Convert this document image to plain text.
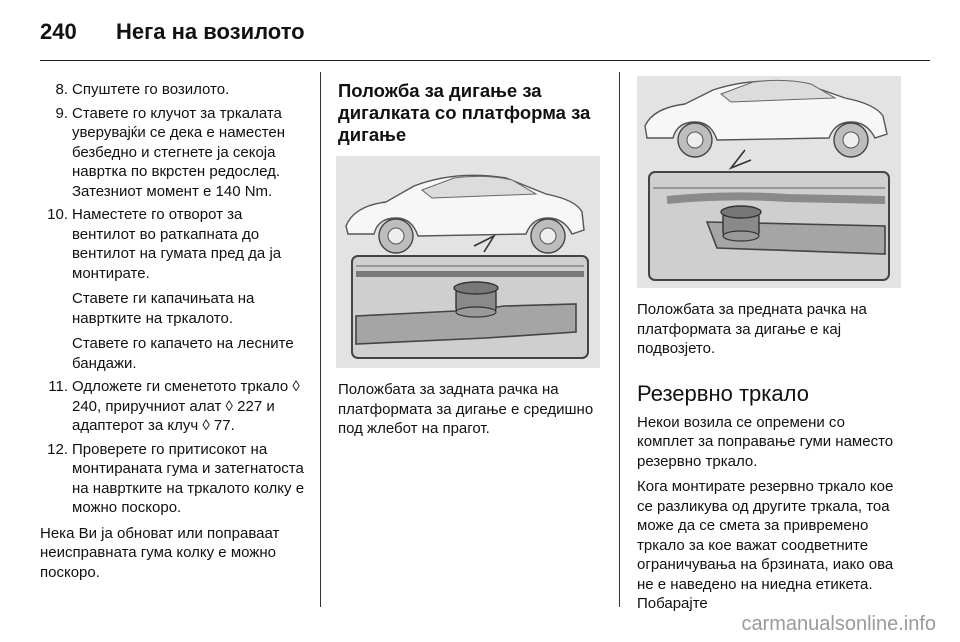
240	Нега на возилото
8. Спуштете го возилото.

9. Ставете го клучот за тркалата уверувајќи се дека е наместен безбедно и стегнете ја секоја навртка по вкрстен редослед. Затезниот момент е 140 Nm.

10. Наместете го отворот за вентилот во раткапната до вентилот на гумата пред да ја монтирате.

Ставете ги капачињата на навртките на тркалото.

Ставете го капачето на лесните бандажи.

11. Одложете ги сменетото тркало ◊ 240, приручниот алат ◊ 227 и адаптерот за клуч ◊ 77.

12. Проверете го притисокот на монтираната гума и затегнатоста на навртките на тркалото колку е можно поскоро.

Нека Ви ја обноват или поправаат неисправната гума колку е можно поскоро.

Положба за дигање за дигалката со платформа за дигање

Положбата за задната рачка на платформата за дигање е средишно под жлебот на прагот.

Положбата за предната рачка на платформата за дигање е кај подвозјето.

Резервно тркало

Некои возила се опремени со комплет за поправање гуми наместо резервно тркало.

Кога монтирате резервно тркало кое се разликува од другите тркала, тоа може да се смета за привремено тркало за кое важат соодветните ограничувања на брзината, иако ова не е наведено на ниедна етикета. Побарајте

carmanualsonline.info
